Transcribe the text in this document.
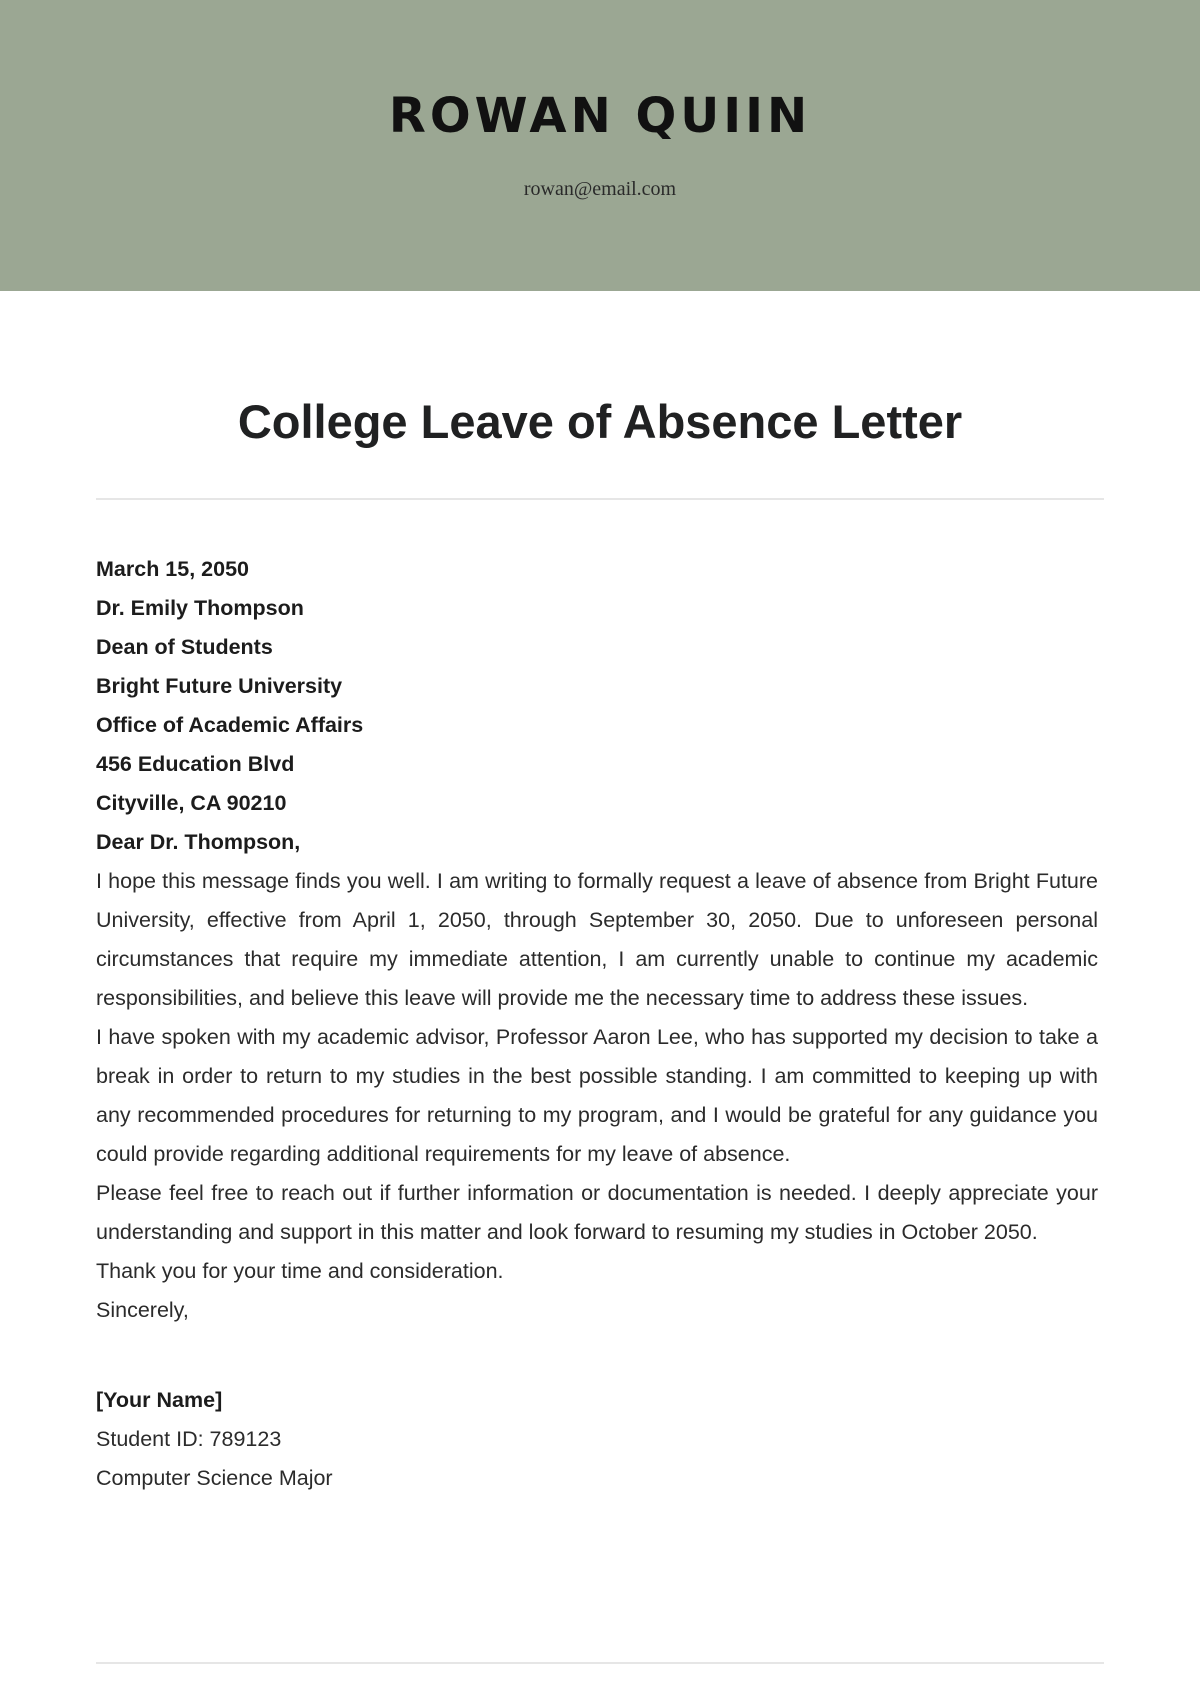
ROWAN QUIIN
rowan@email.com
College Leave of Absence Letter

March 15, 2050

Dr. Emily Thompson

Dean of Students

Bright Future University

Office of Academic Affairs

456 Education Blvd

Cityville, CA 90210

Dear Dr. Thompson,

I hope this message finds you well. I am writing to formally request a leave of absence from Bright Future University, effective from April 1, 2050, through September 30, 2050. Due to unforeseen personal circumstances that require my immediate attention, I am currently unable to continue my academic responsibilities, and believe this leave will provide me the necessary time to address these issues.

I have spoken with my academic advisor, Professor Aaron Lee, who has supported my decision to take a break in order to return to my studies in the best possible standing. I am committed to keeping up with any recommended procedures for returning to my program, and I would be grateful for any guidance you could provide regarding additional requirements for my leave of absence.

Please feel free to reach out if further information or documentation is needed. I deeply appreciate your understanding and support in this matter and look forward to resuming my studies in October 2050.

Thank you for your time and consideration.

Sincerely,

[Your Name]

Student ID: 789123

Computer Science Major
